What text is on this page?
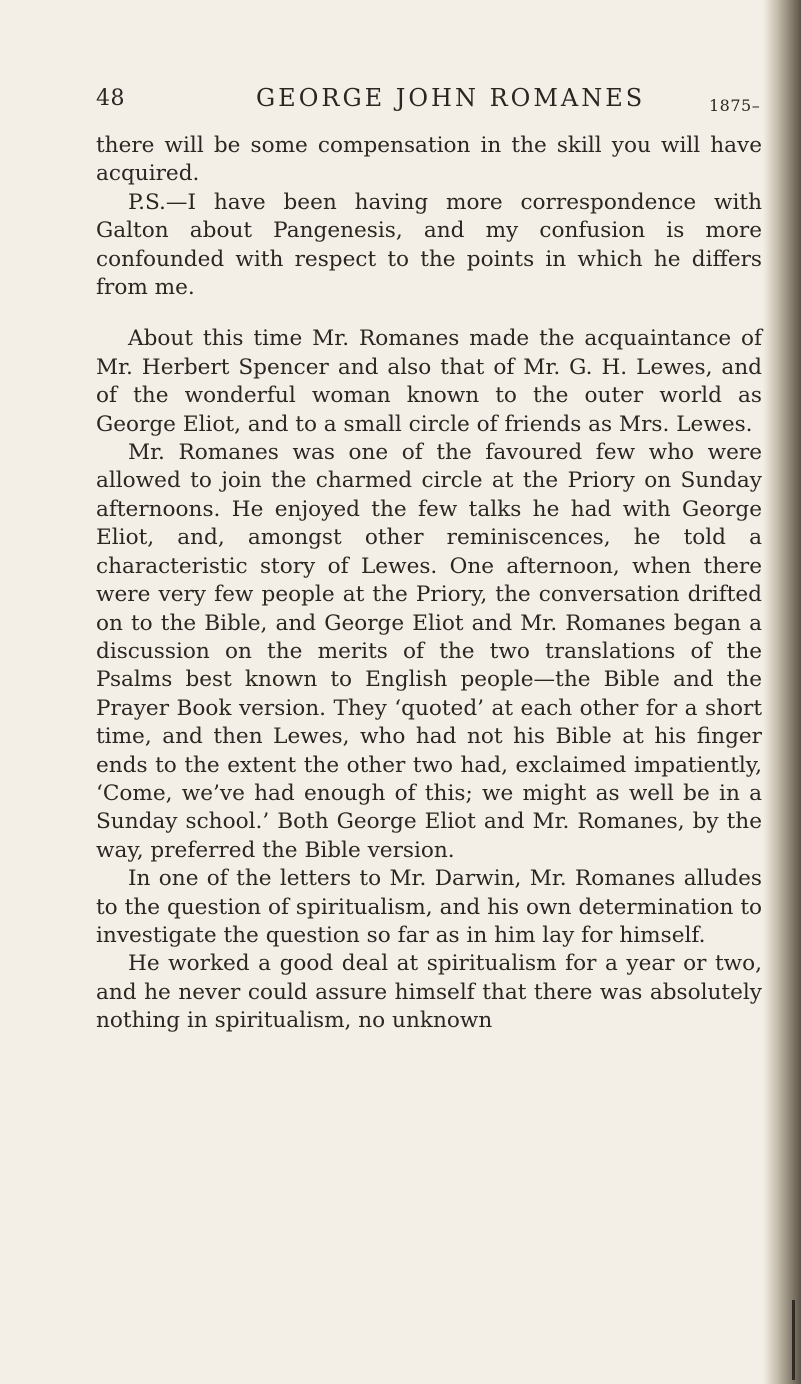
48	GEORGE JOHN ROMANES	1875–

there will be some compensation in the skill you will have acquired.

P.S.—I have been having more correspondence with Galton about Pangenesis, and my confusion is more confounded with respect to the points in which he differs from me.

About this time Mr. Romanes made the acquaintance of Mr. Herbert Spencer and also that of Mr. G. H. Lewes, and of the wonderful woman known to the outer world as George Eliot, and to a small circle of friends as Mrs. Lewes.

Mr. Romanes was one of the favoured few who were allowed to join the charmed circle at the Priory on Sunday afternoons. He enjoyed the few talks he had with George Eliot, and, amongst other reminiscences, he told a characteristic story of Lewes. One afternoon, when there were very few people at the Priory, the conversation drifted on to the Bible, and George Eliot and Mr. Romanes began a discussion on the merits of the two translations of the Psalms best known to English people—the Bible and the Prayer Book version. They ‘quoted’ at each other for a short time, and then Lewes, who had not his Bible at his finger ends to the extent the other two had, exclaimed impatiently, ‘Come, we’ve had enough of this; we might as well be in a Sunday school.’ Both George Eliot and Mr. Romanes, by the way, preferred the Bible version.

In one of the letters to Mr. Darwin, Mr. Romanes alludes to the question of spiritualism, and his own determination to investigate the question so far as in him lay for himself.

He worked a good deal at spiritualism for a year or two, and he never could assure himself that there was absolutely nothing in spiritualism, no unknown
